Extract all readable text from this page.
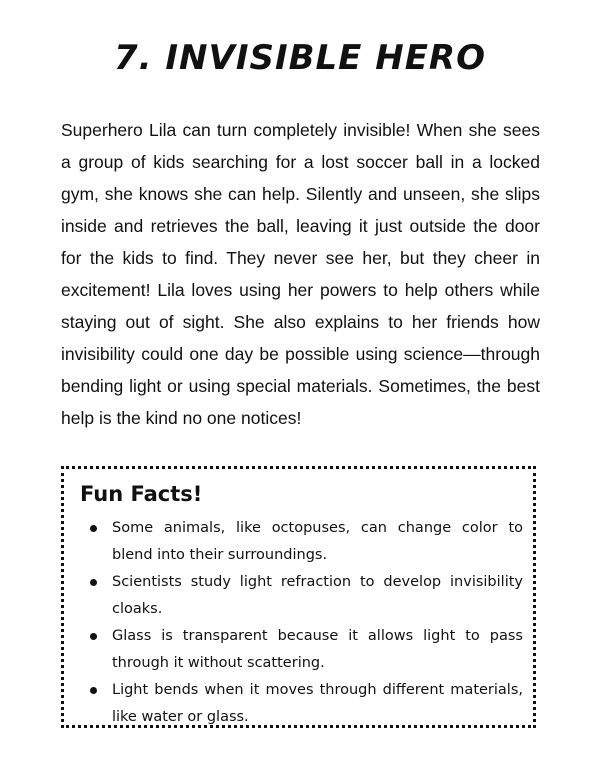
7. INVISIBLE HERO

Superhero Lila can turn completely invisible! When she sees a group of kids searching for a lost soccer ball in a locked gym, she knows she can help. Silently and unseen, she slips inside and retrieves the ball, leaving it just outside the door for the kids to find. They never see her, but they cheer in excitement! Lila loves using her powers to help others while staying out of sight. She also explains to her friends how invisibility could one day be possible using science—through bending light or using special materials. Sometimes, the best help is the kind no one notices!

Fun Facts!
Some animals, like octopuses, can change color to blend into their surroundings.
Scientists study light refraction to develop invisibility cloaks.
Glass is transparent because it allows light to pass through it without scattering.
Light bends when it moves through different materials, like water or glass.
